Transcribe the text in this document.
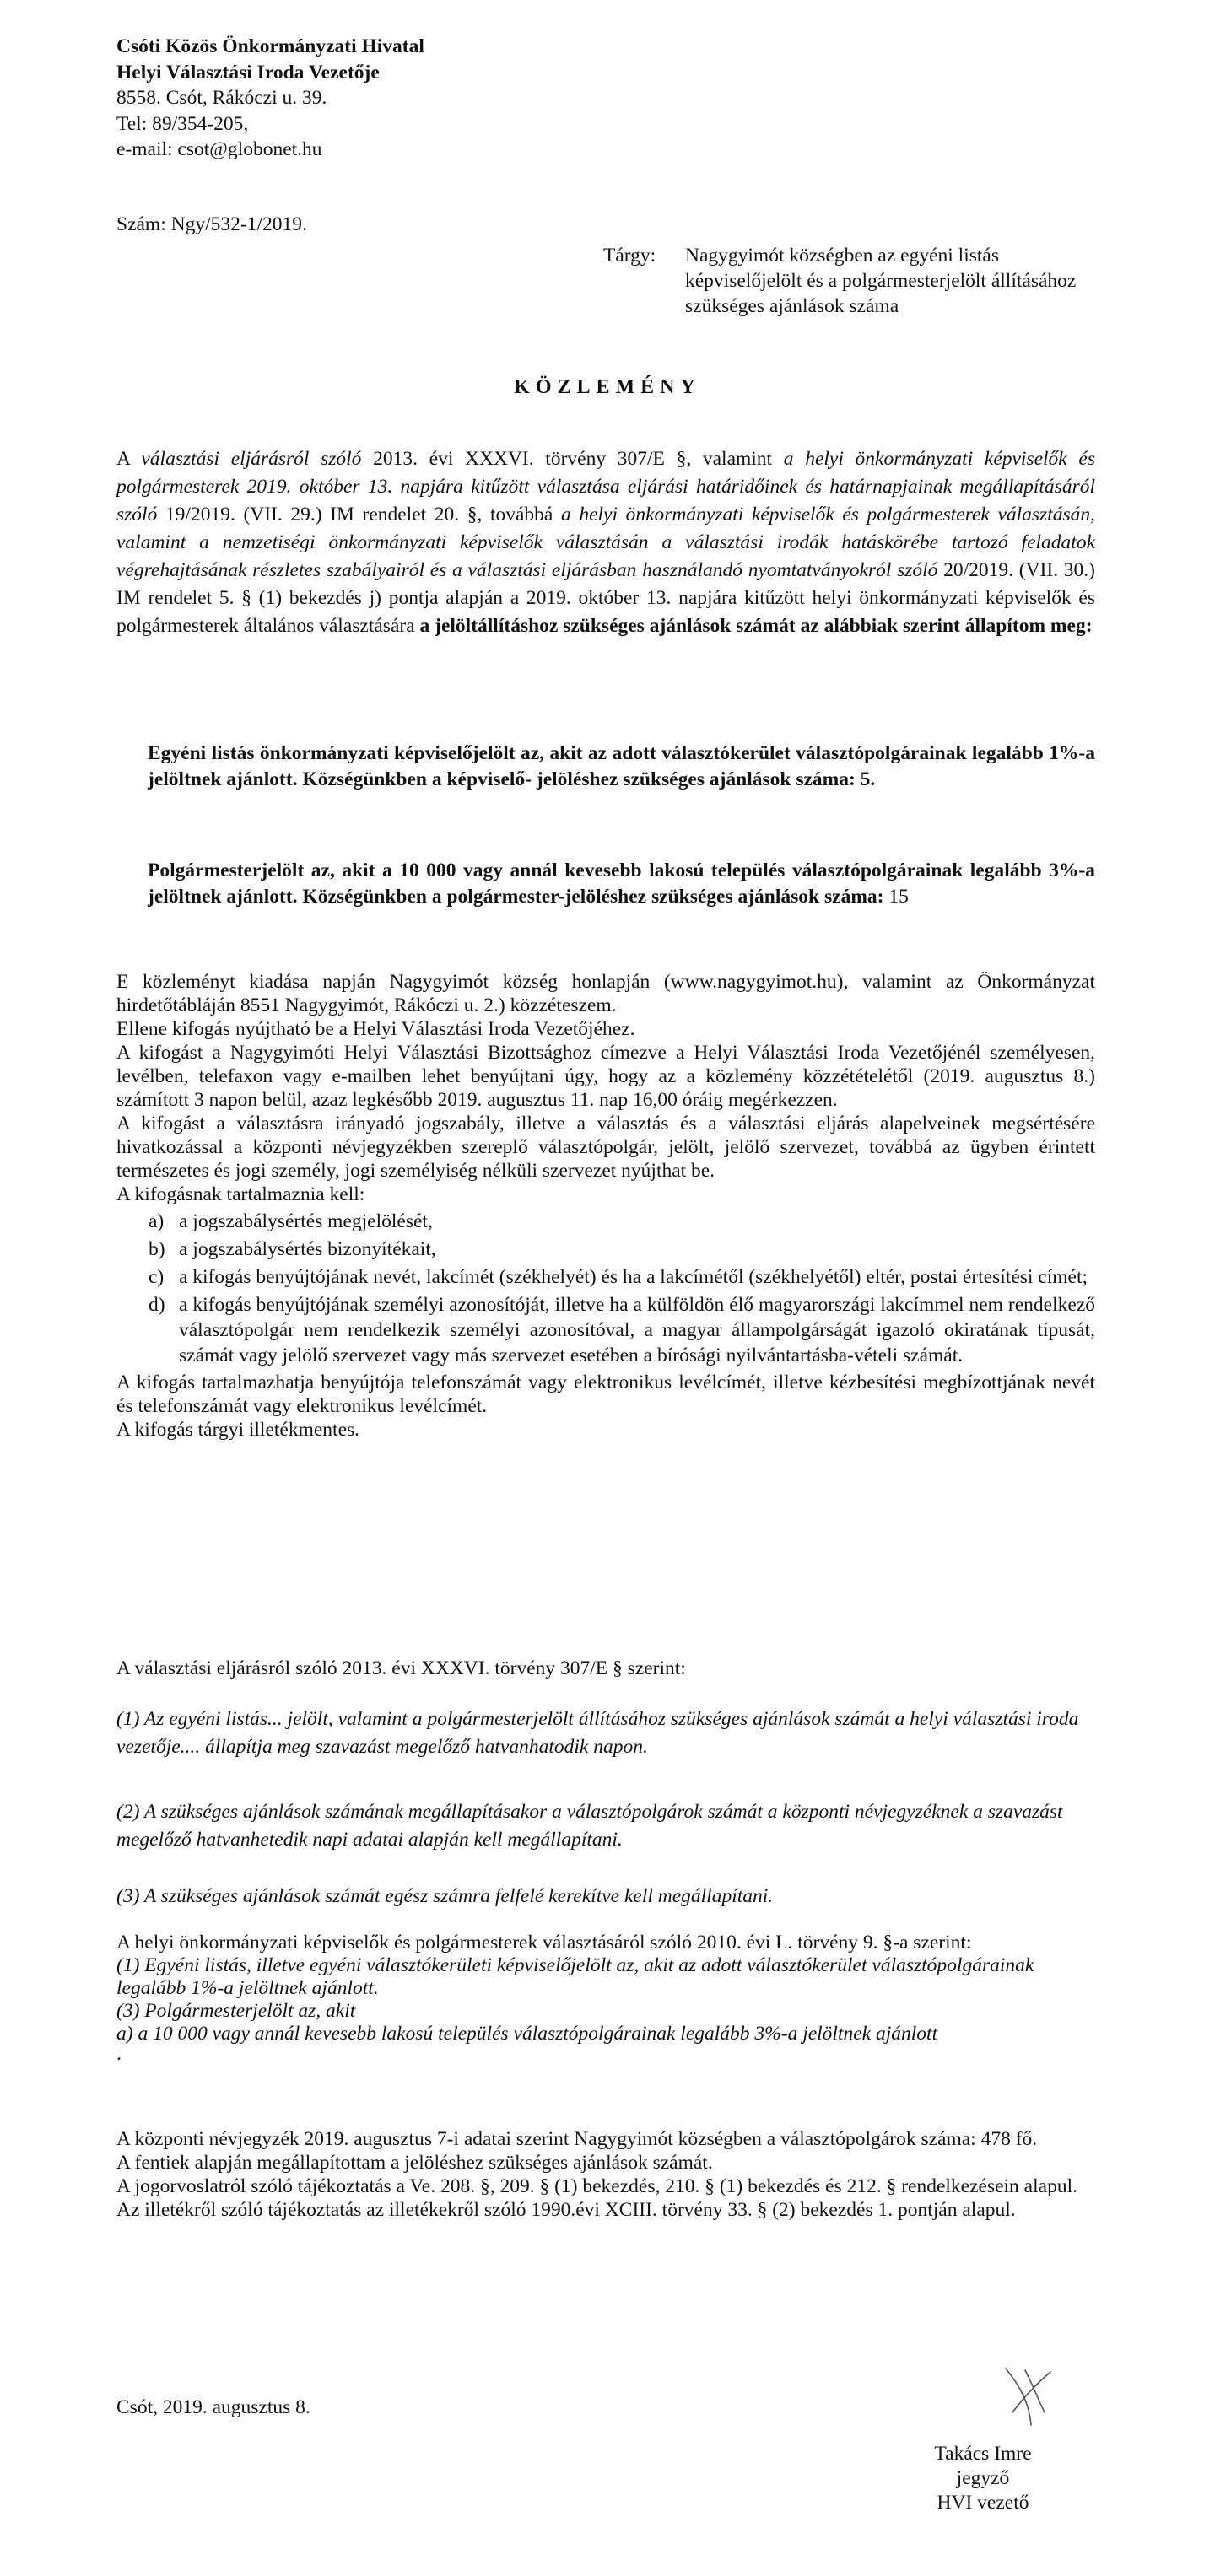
Csóti Közös Önkormányzati Hivatal
Helyi Választási Iroda Vezetője
8558. Csót, Rákóczi u. 39.
Tel: 89/354-205,
e-mail: csot@globonet.hu
Szám: Ngy/532-1/2019.
Tárgy: Nagygyimót községben az egyéni listás képviselőjelölt és a polgármesterjelölt állításához szükséges ajánlások száma
KÖZLEMÉNY

A választási eljárásról szóló 2013. évi XXXVI. törvény 307/E §, valamint a helyi önkormányzati képviselők és polgármesterek 2019. október 13. napjára kitűzött választása eljárási határidőinek és határnapjainak megállapításáról szóló 19/2019. (VII. 29.) IM rendelet 20. §, továbbá a helyi önkormányzati képviselők és polgármesterek választásán, valamint a nemzetiségi önkormányzati képviselők választásán a választási irodák hatáskörébe tartozó feladatok végrehajtásának részletes szabályairól és a választási eljárásban használandó nyomtatványokról szóló 20/2019. (VII. 30.) IM rendelet 5. § (1) bekezdés j) pontja alapján a 2019. október 13. napjára kitűzött helyi önkormányzati képviselők és polgármesterek általános választására a jelöltállításhoz szükséges ajánlások számát az alábbiak szerint állapítom meg:

Egyéni listás önkormányzati képviselőjelölt az, akit az adott választókerület választópolgárainak legalább 1%-a jelöltnek ajánlott. Községünkben a képviselő- jelöléshez szükséges ajánlások száma: 5.

Polgármesterjelölt az, akit a 10 000 vagy annál kevesebb lakosú település választópolgárainak legalább 3%-a jelöltnek ajánlott. Községünkben a polgármester-jelöléshez szükséges ajánlások száma: 15

E közleményt kiadása napján Nagygyimót község honlapján (www.nagygyimot.hu), valamint az Önkormányzat hirdetőtábláján 8551 Nagygyimót, Rákóczi u. 2.) közzéteszem.

Ellene kifogás nyújtható be a Helyi Választási Iroda Vezetőjéhez.

A kifogást a Nagygyimóti Helyi Választási Bizottsághoz címezve a Helyi Választási Iroda Vezetőjénél személyesen, levélben, telefaxon vagy e-mailben lehet benyújtani úgy, hogy az a közlemény közzétételétől (2019. augusztus 8.) számított 3 napon belül, azaz legkésőbb 2019. augusztus 11. nap 16,00 óráig megérkezzen.

A kifogást a választásra irányadó jogszabály, illetve a választás és a választási eljárás alapelveinek megsértésére hivatkozással a központi névjegyzékben szereplő választópolgár, jelölt, jelölő szervezet, továbbá az ügyben érintett természetes és jogi személy, jogi személyiség nélküli szervezet nyújthat be.

A kifogásnak tartalmaznia kell:

a) a jogszabálysértés megjelölését,
b) a jogszabálysértés bizonyítékait,
c) a kifogás benyújtójának nevét, lakcímét (székhelyét) és ha a lakcímétől (székhelyétől) eltér, postai értesítési címét;
d) a kifogás benyújtójának személyi azonosítóját, illetve ha a külföldön élő magyarországi lakcímmel nem rendelkező választópolgár nem rendelkezik személyi azonosítóval, a magyar állampolgárságát igazoló okiratának típusát, számát vagy jelölő szervezet vagy más szervezet esetében a bírósági nyilvántartásba-vételi számát.

A kifogás tartalmazhatja benyújtója telefonszámát vagy elektronikus levélcímét, illetve kézbesítési megbízottjának nevét és telefonszámát vagy elektronikus levélcímét.

A kifogás tárgyi illetékmentes.

A választási eljárásról szóló 2013. évi XXXVI. törvény 307/E § szerint:

(1) Az egyéni listás... jelölt, valamint a polgármesterjelölt állításához szükséges ajánlások számát a helyi választási iroda vezetője.... állapítja meg szavazást megelőző hatvanhatodik napon.

(2) A szükséges ajánlások számának megállapításakor a választópolgárok számát a központi névjegyzéknek a szavazást megelőző hatvanhetedik napi adatai alapján kell megállapítani.

(3) A szükséges ajánlások számát egész számra felfelé kerekítve kell megállapítani.

A helyi önkormányzati képviselők és polgármesterek választásáról szóló 2010. évi L. törvény 9. §-a szerint:

(1) Egyéni listás, illetve egyéni választókerületi képviselőjelölt az, akit az adott választókerület választópolgárainak legalább 1%-a jelöltnek ajánlott.

(3) Polgármesterjelölt az, akit

a) a 10 000 vagy annál kevesebb lakosú település választópolgárainak legalább 3%-a jelöltnek ajánlott

.

A központi névjegyzék 2019. augusztus 7-i adatai szerint Nagygyimót községben a választópolgárok száma: 478 fő.

A fentiek alapján megállapítottam a jelöléshez szükséges ajánlások számát.

A jogorvoslatról szóló tájékoztatás a Ve. 208. §, 209. § (1) bekezdés, 210. § (1) bekezdés és 212. § rendelkezésein alapul.

Az illetékről szóló tájékoztatás az illetékekről szóló 1990.évi XCIII. törvény 33. § (2) bekezdés 1. pontján alapul.

Csót, 2019. augusztus 8.

Takács Imre
jegyző
HVI vezető
